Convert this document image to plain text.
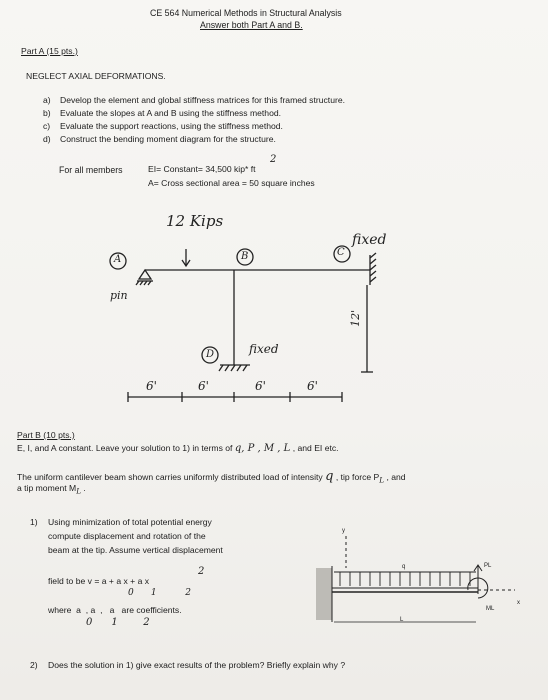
CE 564 Numerical Methods in Structural Analysis
Answer both Part A and B.
Part A (15 pts.)
NEGLECT AXIAL DEFORMATIONS.
a) Develop the element and global stiffness matrices for this framed structure.
b) Evaluate the slopes at A and B using the stiffness method.
c) Evaluate the support reactions, using the stiffness method.
d) Construct the bending moment diagram for the structure.
For all members	EI= Constant= 34,500 kip* ft
2
A= Cross sectional area = 50 square inches
12 Kips
A	B	C
D
pin
fixed
fixed
12'
6'	6'	6'	6'
Part B (10 pts.)
E, I, and A constant. Leave your solution to 1) in terms of q, P , M , L , and EI etc.
The uniform cantilever beam shown carries uniformly distributed load of intensity q , tip force $P_L$ , and
a tip moment $M_L$ .
1) Using minimization of total potential energy
compute displacement and rotation of the
beam at the tip. Assume vertical displacement
field to be v = a + a x + a x
2
0      1          2
where  a  , a  ,   a   are coefficients.
0      1        2
2) Does the solution in 1) give exact results of the problem? Briefly explain why ?
y
x
q	PL
ML
L
